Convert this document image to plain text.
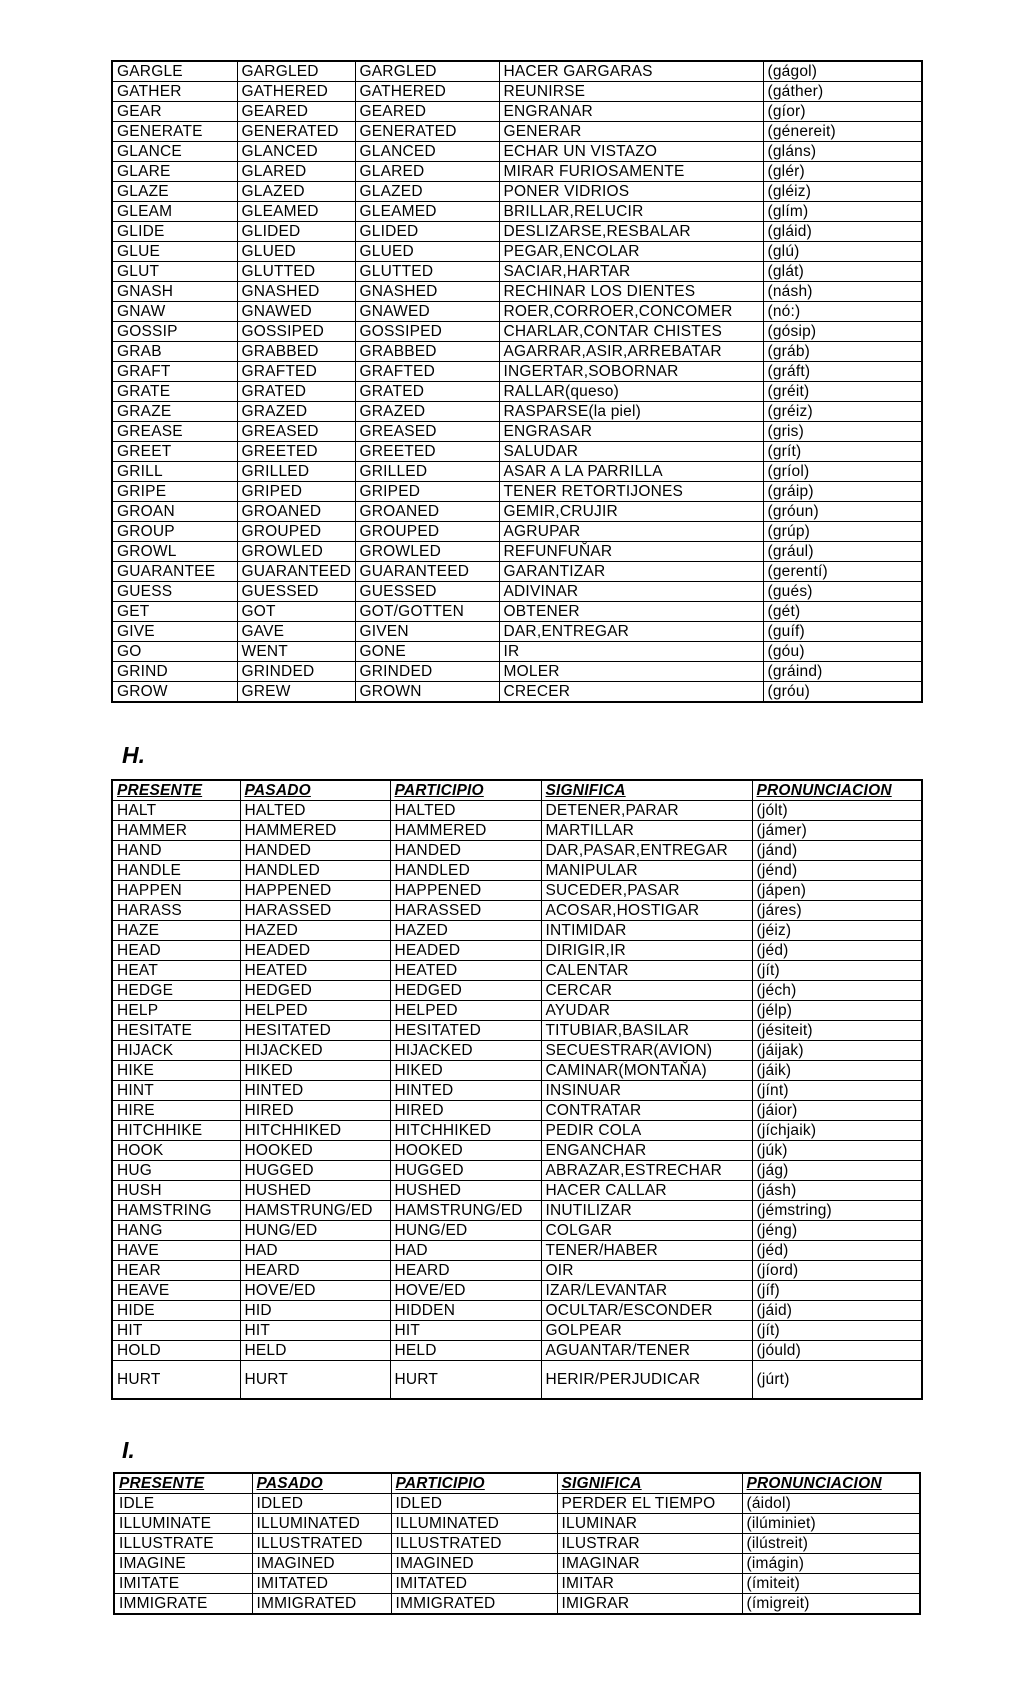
GARGLE	GARGLED	GARGLED	HACER GARGARAS	(gágol)
GATHER	GATHERED	GATHERED	REUNIRSE	(gáther)
GEAR	GEARED	GEARED	ENGRANAR	(gíor)
GENERATE	GENERATED	GENERATED	GENERAR	(génereit)
GLANCE	GLANCED	GLANCED	ECHAR UN VISTAZO	(gláns)
GLARE	GLARED	GLARED	MIRAR FURIOSAMENTE	(glér)
GLAZE	GLAZED	GLAZED	PONER VIDRIOS	(gléiz)
GLEAM	GLEAMED	GLEAMED	BRILLAR,RELUCIR	(glím)
GLIDE	GLIDED	GLIDED	DESLIZARSE,RESBALAR	(gláid)
GLUE	GLUED	GLUED	PEGAR,ENCOLAR	(glú)
GLUT	GLUTTED	GLUTTED	SACIAR,HARTAR	(glát)
GNASH	GNASHED	GNASHED	RECHINAR LOS DIENTES	(násh)
GNAW	GNAWED	GNAWED	ROER,CORROER,CONCOMER	(nó:)
GOSSIP	GOSSIPED	GOSSIPED	CHARLAR,CONTAR CHISTES	(gósip)
GRAB	GRABBED	GRABBED	AGARRAR,ASIR,ARREBATAR	(gráb)
GRAFT	GRAFTED	GRAFTED	INGERTAR,SOBORNAR	(gráft)
GRATE	GRATED	GRATED	RALLAR(queso)	(gréit)
GRAZE	GRAZED	GRAZED	RASPARSE(la piel)	(gréiz)
GREASE	GREASED	GREASED	ENGRASAR	(gris)
GREET	GREETED	GREETED	SALUDAR	(grít)
GRILL	GRILLED	GRILLED	ASAR A LA PARRILLA	(gríol)
GRIPE	GRIPED	GRIPED	TENER RETORTIJONES	(gráip)
GROAN	GROANED	GROANED	GEMIR,CRUJIR	(gróun)
GROUP	GROUPED	GROUPED	AGRUPAR	(grúp)
GROWL	GROWLED	GROWLED	REFUNFUŇAR	(grául)
GUARANTEE	GUARANTEED	GUARANTEED	GARANTIZAR	(gerentí)
GUESS	GUESSED	GUESSED	ADIVINAR	(gués)
GET	GOT	GOT/GOTTEN	OBTENER	(gét)
GIVE	GAVE	GIVEN	DAR,ENTREGAR	(guíf)
GO	WENT	GONE	IR	(góu)
GRIND	GRINDED	GRINDED	MOLER	(gráind)
GROW	GREW	GROWN	CRECER	(gróu)
H.
PRESENTE	PASADO	PARTICIPIO	SIGNIFICA	PRONUNCIACION
HALT	HALTED	HALTED	DETENER,PARAR	(jólt)
HAMMER	HAMMERED	HAMMERED	MARTILLAR	(jámer)
HAND	HANDED	HANDED	DAR,PASAR,ENTREGAR	(jánd)
HANDLE	HANDLED	HANDLED	MANIPULAR	(jénd)
HAPPEN	HAPPENED	HAPPENED	SUCEDER,PASAR	(jápen)
HARASS	HARASSED	HARASSED	ACOSAR,HOSTIGAR	(járes)
HAZE	HAZED	HAZED	INTIMIDAR	(jéiz)
HEAD	HEADED	HEADED	DIRIGIR,IR	(jéd)
HEAT	HEATED	HEATED	CALENTAR	(jít)
HEDGE	HEDGED	HEDGED	CERCAR	(jéch)
HELP	HELPED	HELPED	AYUDAR	(jélp)
HESITATE	HESITATED	HESITATED	TITUBIAR,BASILAR	(jésiteit)
HIJACK	HIJACKED	HIJACKED	SECUESTRAR(AVION)	(jáijak)
HIKE	HIKED	HIKED	CAMINAR(MONTAŇA)	(jáik)
HINT	HINTED	HINTED	INSINUAR	(jínt)
HIRE	HIRED	HIRED	CONTRATAR	(jáior)
HITCHHIKE	HITCHHIKED	HITCHHIKED	PEDIR COLA	(jíchjaik)
HOOK	HOOKED	HOOKED	ENGANCHAR	(júk)
HUG	HUGGED	HUGGED	ABRAZAR,ESTRECHAR	(jág)
HUSH	HUSHED	HUSHED	HACER CALLAR	(jásh)
HAMSTRING	HAMSTRUNG/ED	HAMSTRUNG/ED	INUTILIZAR	(jémstring)
HANG	HUNG/ED	HUNG/ED	COLGAR	(jéng)
HAVE	HAD	HAD	TENER/HABER	(jéd)
HEAR	HEARD	HEARD	OIR	(jíord)
HEAVE	HOVE/ED	HOVE/ED	IZAR/LEVANTAR	(jíf)
HIDE	HID	HIDDEN	OCULTAR/ESCONDER	(jáid)
HIT	HIT	HIT	GOLPEAR	(jít)
HOLD	HELD	HELD	AGUANTAR/TENER	(jóuld)
HURT	HURT	HURT	HERIR/PERJUDICAR	(júrt)
I.
PRESENTE	PASADO	PARTICIPIO	SIGNIFICA	PRONUNCIACION
IDLE	IDLED	IDLED	PERDER EL TIEMPO	(áidol)
ILLUMINATE	ILLUMINATED	ILLUMINATED	ILUMINAR	(ilúminiet)
ILLUSTRATE	ILLUSTRATED	ILLUSTRATED	ILUSTRAR	(ilústreit)
IMAGINE	IMAGINED	IMAGINED	IMAGINAR	(imágin)
IMITATE	IMITATED	IMITATED	IMITAR	(ímiteit)
IMMIGRATE	IMMIGRATED	IMMIGRATED	IMIGRAR	(ímigreit)
